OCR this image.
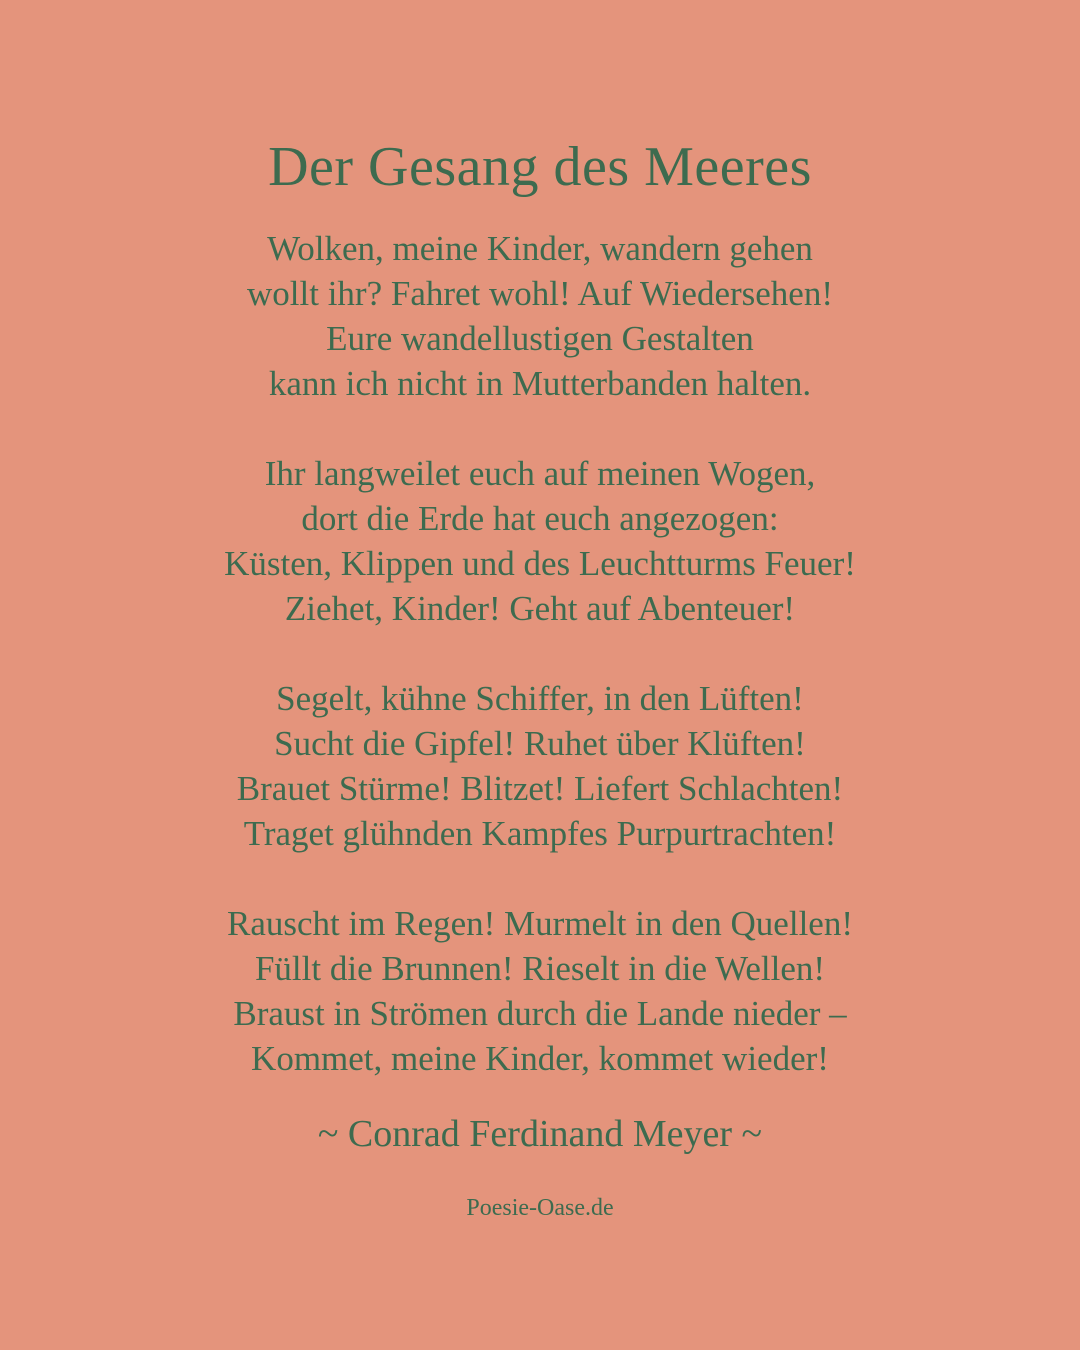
Der Gesang des Meeres
Wolken, meine Kinder, wandern gehen
wollt ihr? Fahret wohl! Auf Wiedersehen!
Eure wandellustigen Gestalten
kann ich nicht in Mutterbanden halten.
Ihr langweilet euch auf meinen Wogen,
dort die Erde hat euch angezogen:
Küsten, Klippen und des Leuchtturms Feuer!
Ziehet, Kinder! Geht auf Abenteuer!
Segelt, kühne Schiffer, in den Lüften!
Sucht die Gipfel! Ruhet über Klüften!
Brauet Stürme! Blitzet! Liefert Schlachten!
Traget glühnden Kampfes Purpurtrachten!
Rauscht im Regen! Murmelt in den Quellen!
Füllt die Brunnen! Rieselt in die Wellen!
Braust in Strömen durch die Lande nieder –
Kommet, meine Kinder, kommet wieder!
~ Conrad Ferdinand Meyer ~
Poesie-Oase.de
